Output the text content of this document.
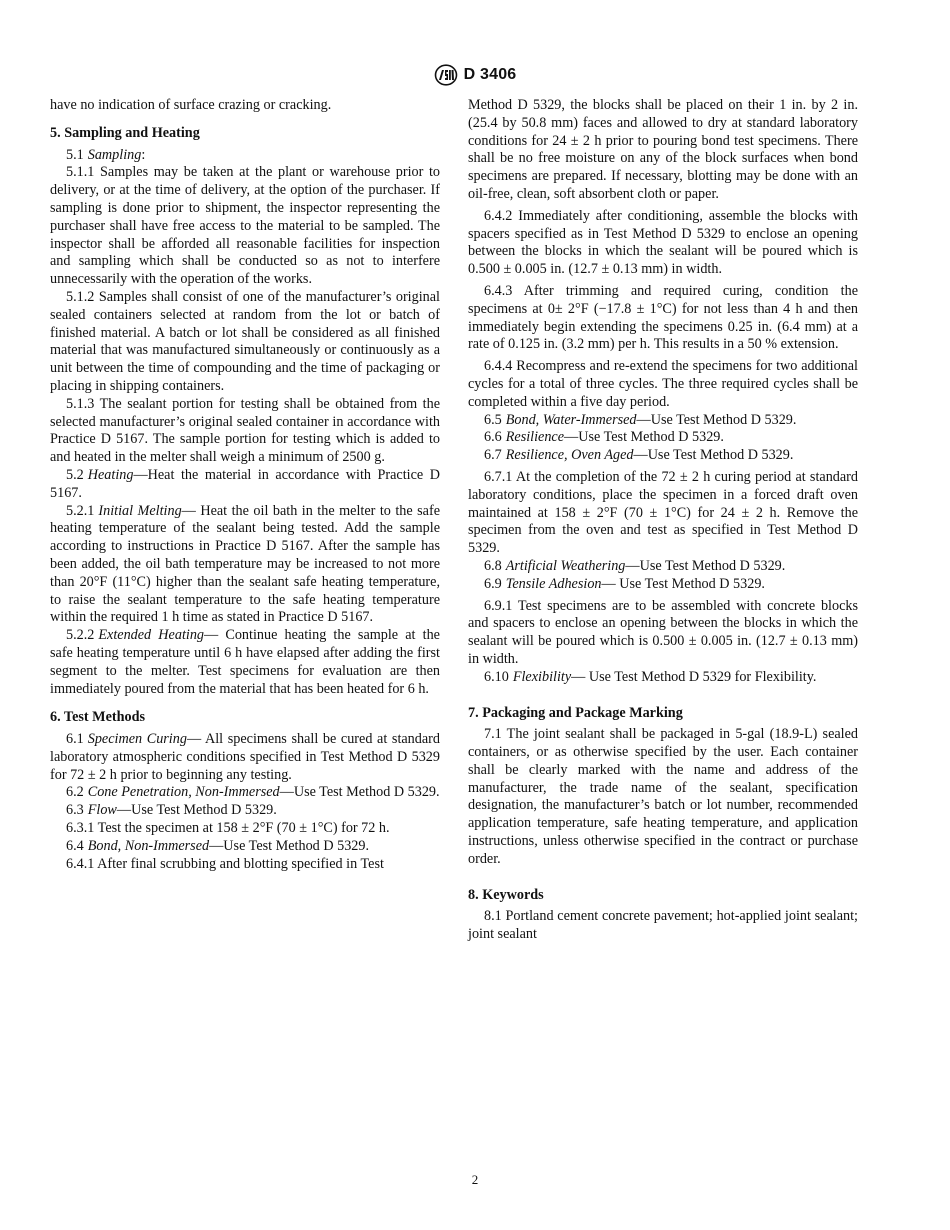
D 3406

have no indication of surface crazing or cracking.

5. Sampling and Heating

5.1 Sampling:

5.1.1 Samples may be taken at the plant or warehouse prior to delivery, or at the time of delivery, at the option of the purchaser. If sampling is done prior to shipment, the inspector representing the purchaser shall have free access to the material to be sampled. The inspector shall be afforded all reasonable facilities for inspection and sampling which shall be conducted so as not to interfere unnecessarily with the operation of the works.

5.1.2 Samples shall consist of one of the manufacturer’s original sealed containers selected at random from the lot or batch of finished material. A batch or lot shall be considered as all finished material that was manufactured simultaneously or continuously as a unit between the time of compounding and the time of packaging or placing in shipping containers.

5.1.3 The sealant portion for testing shall be obtained from the selected manufacturer’s original sealed container in accordance with Practice D 5167. The sample portion for testing which is added to and heated in the melter shall weigh a minimum of 2500 g.

5.2 Heating—Heat the material in accordance with Practice D 5167.

5.2.1 Initial Melting— Heat the oil bath in the melter to the safe heating temperature of the sealant being tested. Add the sample according to instructions in Practice D 5167. After the sample has been added, the oil bath temperature may be increased to not more than 20°F (11°C) higher than the sealant safe heating temperature, to raise the sealant temperature to the safe heating temperature within the required 1 h time as stated in Practice D 5167.

5.2.2 Extended Heating— Continue heating the sample at the safe heating temperature until 6 h have elapsed after adding the first segment to the melter. Test specimens for evaluation are then immediately poured from the material that has been heated for 6 h.

6. Test Methods

6.1 Specimen Curing— All specimens shall be cured at standard laboratory atmospheric conditions specified in Test Method D 5329 for 72 ± 2 h prior to beginning any testing.

6.2 Cone Penetration, Non-Immersed—Use Test Method D 5329.

6.3 Flow—Use Test Method D 5329.

6.3.1 Test the specimen at 158 ± 2°F (70 ± 1°C) for 72 h.

6.4 Bond, Non-Immersed—Use Test Method D 5329.

6.4.1 After final scrubbing and blotting specified in Test

Method D 5329, the blocks shall be placed on their 1 in. by 2 in. (25.4 by 50.8 mm) faces and allowed to dry at standard laboratory conditions for 24 ± 2 h prior to pouring bond test specimens. There shall be no free moisture on any of the block surfaces when bond specimens are prepared. If necessary, blotting may be done with an oil-free, clean, soft absorbent cloth or paper.

6.4.2 Immediately after conditioning, assemble the blocks with spacers specified as in Test Method D 5329 to enclose an opening between the blocks in which the sealant will be poured which is 0.500 ± 0.005 in. (12.7 ± 0.13 mm) in width.

6.4.3 After trimming and required curing, condition the specimens at 0± 2°F (−17.8 ± 1°C) for not less than 4 h and then immediately begin extending the specimens 0.25 in. (6.4 mm) at a rate of 0.125 in. (3.2 mm) per h. This results in a 50 % extension.

6.4.4 Recompress and re-extend the specimens for two additional cycles for a total of three cycles. The three required cycles shall be completed within a five day period.

6.5 Bond, Water-Immersed—Use Test Method D 5329.

6.6 Resilience—Use Test Method D 5329.

6.7 Resilience, Oven Aged—Use Test Method D 5329.

6.7.1 At the completion of the 72 ± 2 h curing period at standard laboratory conditions, place the specimen in a forced draft oven maintained at 158 ± 2°F (70 ± 1°C) for 24 ± 2 h. Remove the specimen from the oven and test as specified in Test Method D 5329.

6.8 Artificial Weathering—Use Test Method D 5329.

6.9 Tensile Adhesion— Use Test Method D 5329.

6.9.1 Test specimens are to be assembled with concrete blocks and spacers to enclose an opening between the blocks in which the sealant will be poured which is 0.500 ± 0.005 in. (12.7 ± 0.13 mm) in width.

6.10 Flexibility— Use Test Method D 5329 for Flexibility.

7. Packaging and Package Marking

7.1 The joint sealant shall be packaged in 5-gal (18.9-L) sealed containers, or as otherwise specified by the user. Each container shall be clearly marked with the name and address of the manufacturer, the trade name of the sealant, specification designation, the manufacturer’s batch or lot number, recommended application temperature, safe heating temperature, and application instructions, unless otherwise specified in the contract or purchase order.

8. Keywords

8.1 Portland cement concrete pavement; hot-applied joint sealant; joint sealant

2
